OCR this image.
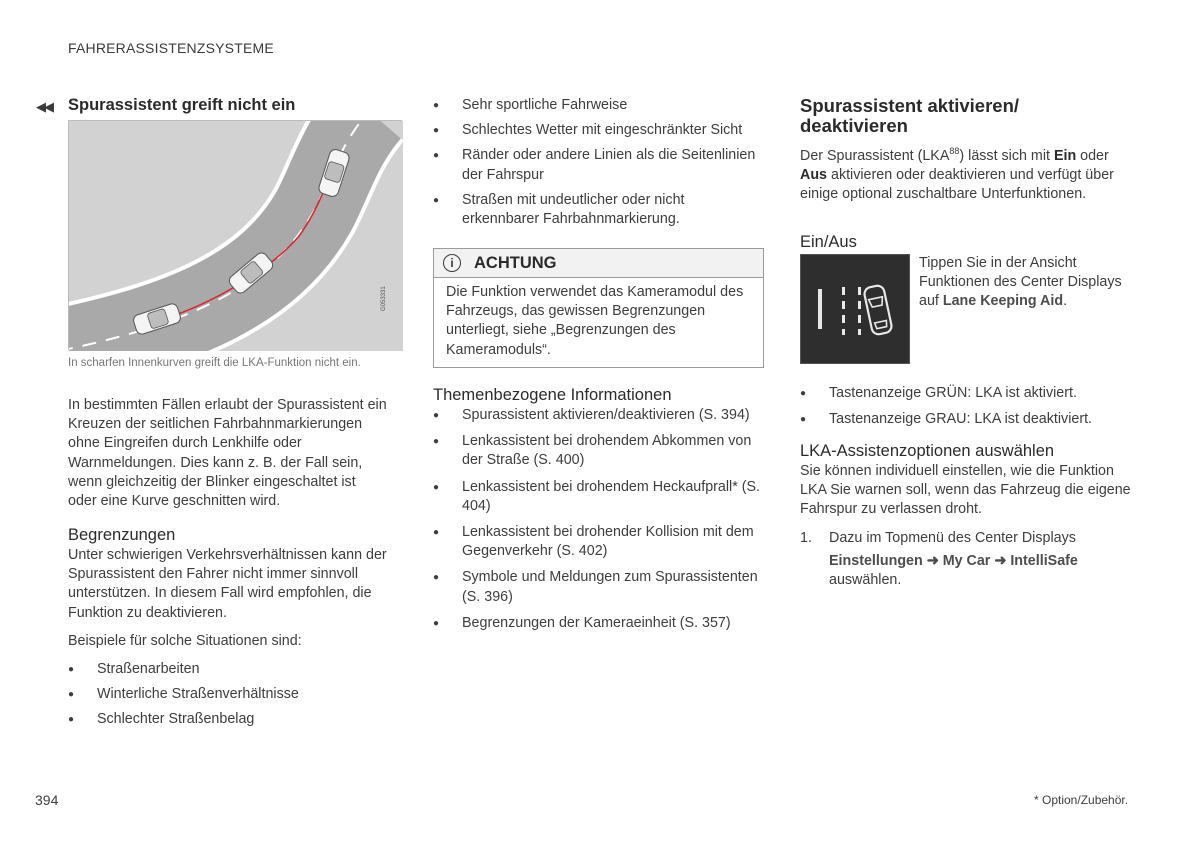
FAHRERASSISTENZSYSTEME
◀◀ Spurassistent greift nicht ein
G053331
In scharfen Innenkurven greift die LKA-Funktion nicht ein.
In bestimmten Fällen erlaubt der Spurassistent ein Kreuzen der seitlichen Fahrbahnmarkierungen ohne Eingreifen durch Lenkhilfe oder Warnmeldungen. Dies kann z. B. der Fall sein, wenn gleichzeitig der Blinker eingeschaltet ist oder eine Kurve geschnitten wird.
Begrenzungen
Unter schwierigen Verkehrsverhältnissen kann der Spurassistent den Fahrer nicht immer sinnvoll unterstützen. In diesem Fall wird empfohlen, die Funktion zu deaktivieren.
Beispiele für solche Situationen sind:
● Straßenarbeiten
● Winterliche Straßenverhältnisse
● Schlechter Straßenbelag
● Sehr sportliche Fahrweise
● Schlechtes Wetter mit eingeschränkter Sicht
● Ränder oder andere Linien als die Seitenlinien der Fahrspur
● Straßen mit undeutlicher oder nicht erkennbarer Fahrbahnmarkierung.
i	ACHTUNG
Die Funktion verwendet das Kameramodul des Fahrzeugs, das gewissen Begrenzungen unterliegt, siehe „Begrenzungen des Kameramoduls“.
Themenbezogene Informationen
● Spurassistent aktivieren/deaktivieren (S. 394)
● Lenkassistent bei drohendem Abkommen von der Straße (S. 400)
● Lenkassistent bei drohendem Heckaufprall* (S. 404)
● Lenkassistent bei drohender Kollision mit dem Gegenverkehr (S. 402)
● Symbole und Meldungen zum Spurassistenten (S. 396)
● Begrenzungen der Kameraeinheit (S. 357)
Spurassistent aktivieren/
deaktivieren
Der Spurassistent (LKA$^{88}$) lässt sich mit Ein oder Aus aktivieren oder deaktivieren und verfügt über einige optional zuschaltbare Unterfunktionen.
Ein/Aus
Tippen Sie in der Ansicht Funktionen des Center Displays auf Lane Keeping Aid.
● Tastenanzeige GRÜN: LKA ist aktiviert.
● Tastenanzeige GRAU: LKA ist deaktiviert.
LKA-Assistenzoptionen auswählen
Sie können individuell einstellen, wie die Funktion LKA Sie warnen soll, wenn das Fahrzeug die eigene Fahrspur zu verlassen droht.
1. Dazu im Topmenü des Center Displays
Einstellungen ➜ My Car ➜ IntelliSafe
auswählen.
394	* Option/Zubehör.
